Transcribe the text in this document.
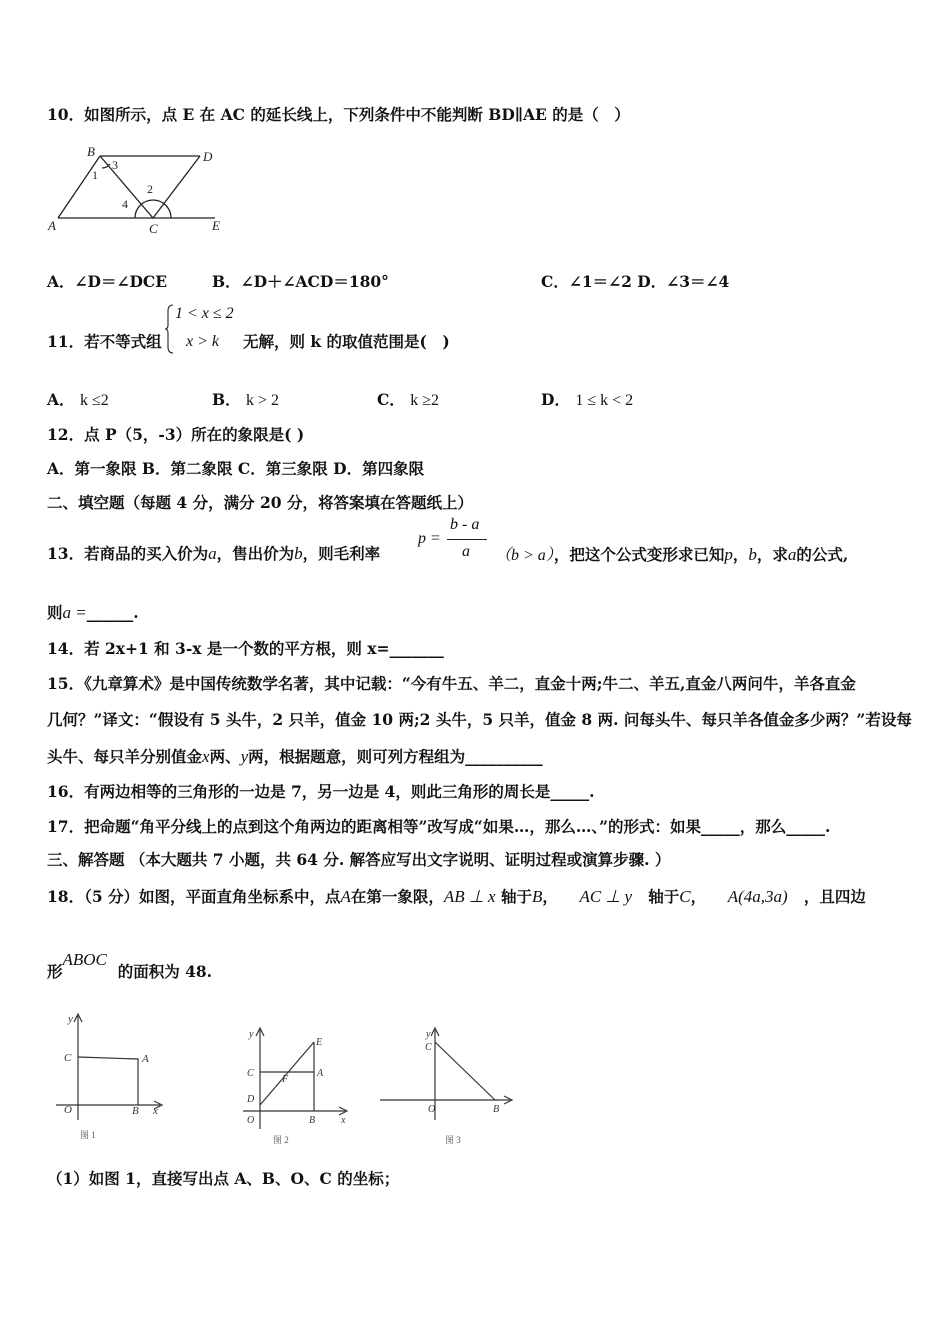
10．如图所示，点 E 在 AC 的延长线上，下列条件中不能判断 BD∥AE 的是（　）
B	D
A	C	E
1
2
3
4
A．∠D＝∠DCE	B．∠D＋∠ACD＝180°	C．∠1＝∠2 D．∠3＝∠4
11．若不等式组
1 < x ≤ 2
x > k 无解，则 k 的取值范围是(　)
A． k ≤2	B． k > 2	C． k ≥2	D． 1 ≤ k < 2
12．点 P（5，-3）所在的象限是( )
A．第一象限 B．第二象限 C．第三象限 D．第四象限
二、填空题（每题 4 分，满分 20 分，将答案填在答题纸上）
13．若商品的买入价为a，售出价为b，则毛利率
p =
b - a
a （b > a），把这个公式变形求已知p，b，求a的公式,
则a =______.
14．若 2x+1 和 3-x 是一个数的平方根，则 x=_______
15．《九章算术》是中国传统数学名著，其中记载：“今有牛五、羊二，直金十两;牛二、羊五,直金八两问牛，羊各直金
几何？”译文：“假设有 5 头牛，2 只羊，值金 10 两;2 头牛，5 只羊，值金 8 两. 问每头牛、每只羊各值金多少两？”若设每
头牛、每只羊分别值金x两、y两，根据题意，则可列方程组为__________
16．有两边相等的三角形的一边是 7，另一边是 4，则此三角形的周长是_____.
17．把命题“角平分线上的点到这个角两边的距离相等”改写成“如果…，那么…、”的形式：如果_____，那么_____.
三、解答题 （本大题共 7 小题，共 64 分. 解答应写出文字说明、证明过程或演算步骤. ）
18．（5 分）如图，平面直角坐标系中，点A在第一象限，AB ⊥ x 轴于B， AC ⊥ y 轴于C， A(4a,3a) ，且四边
形ABOC  的面积为 48.
y
C	A
O	B x
图 1
y
E
C
F
A
D
O	B	x
图 2
y
C
O	B
图 3
（1）如图 1，直接写出点 A、B、O、C 的坐标；
